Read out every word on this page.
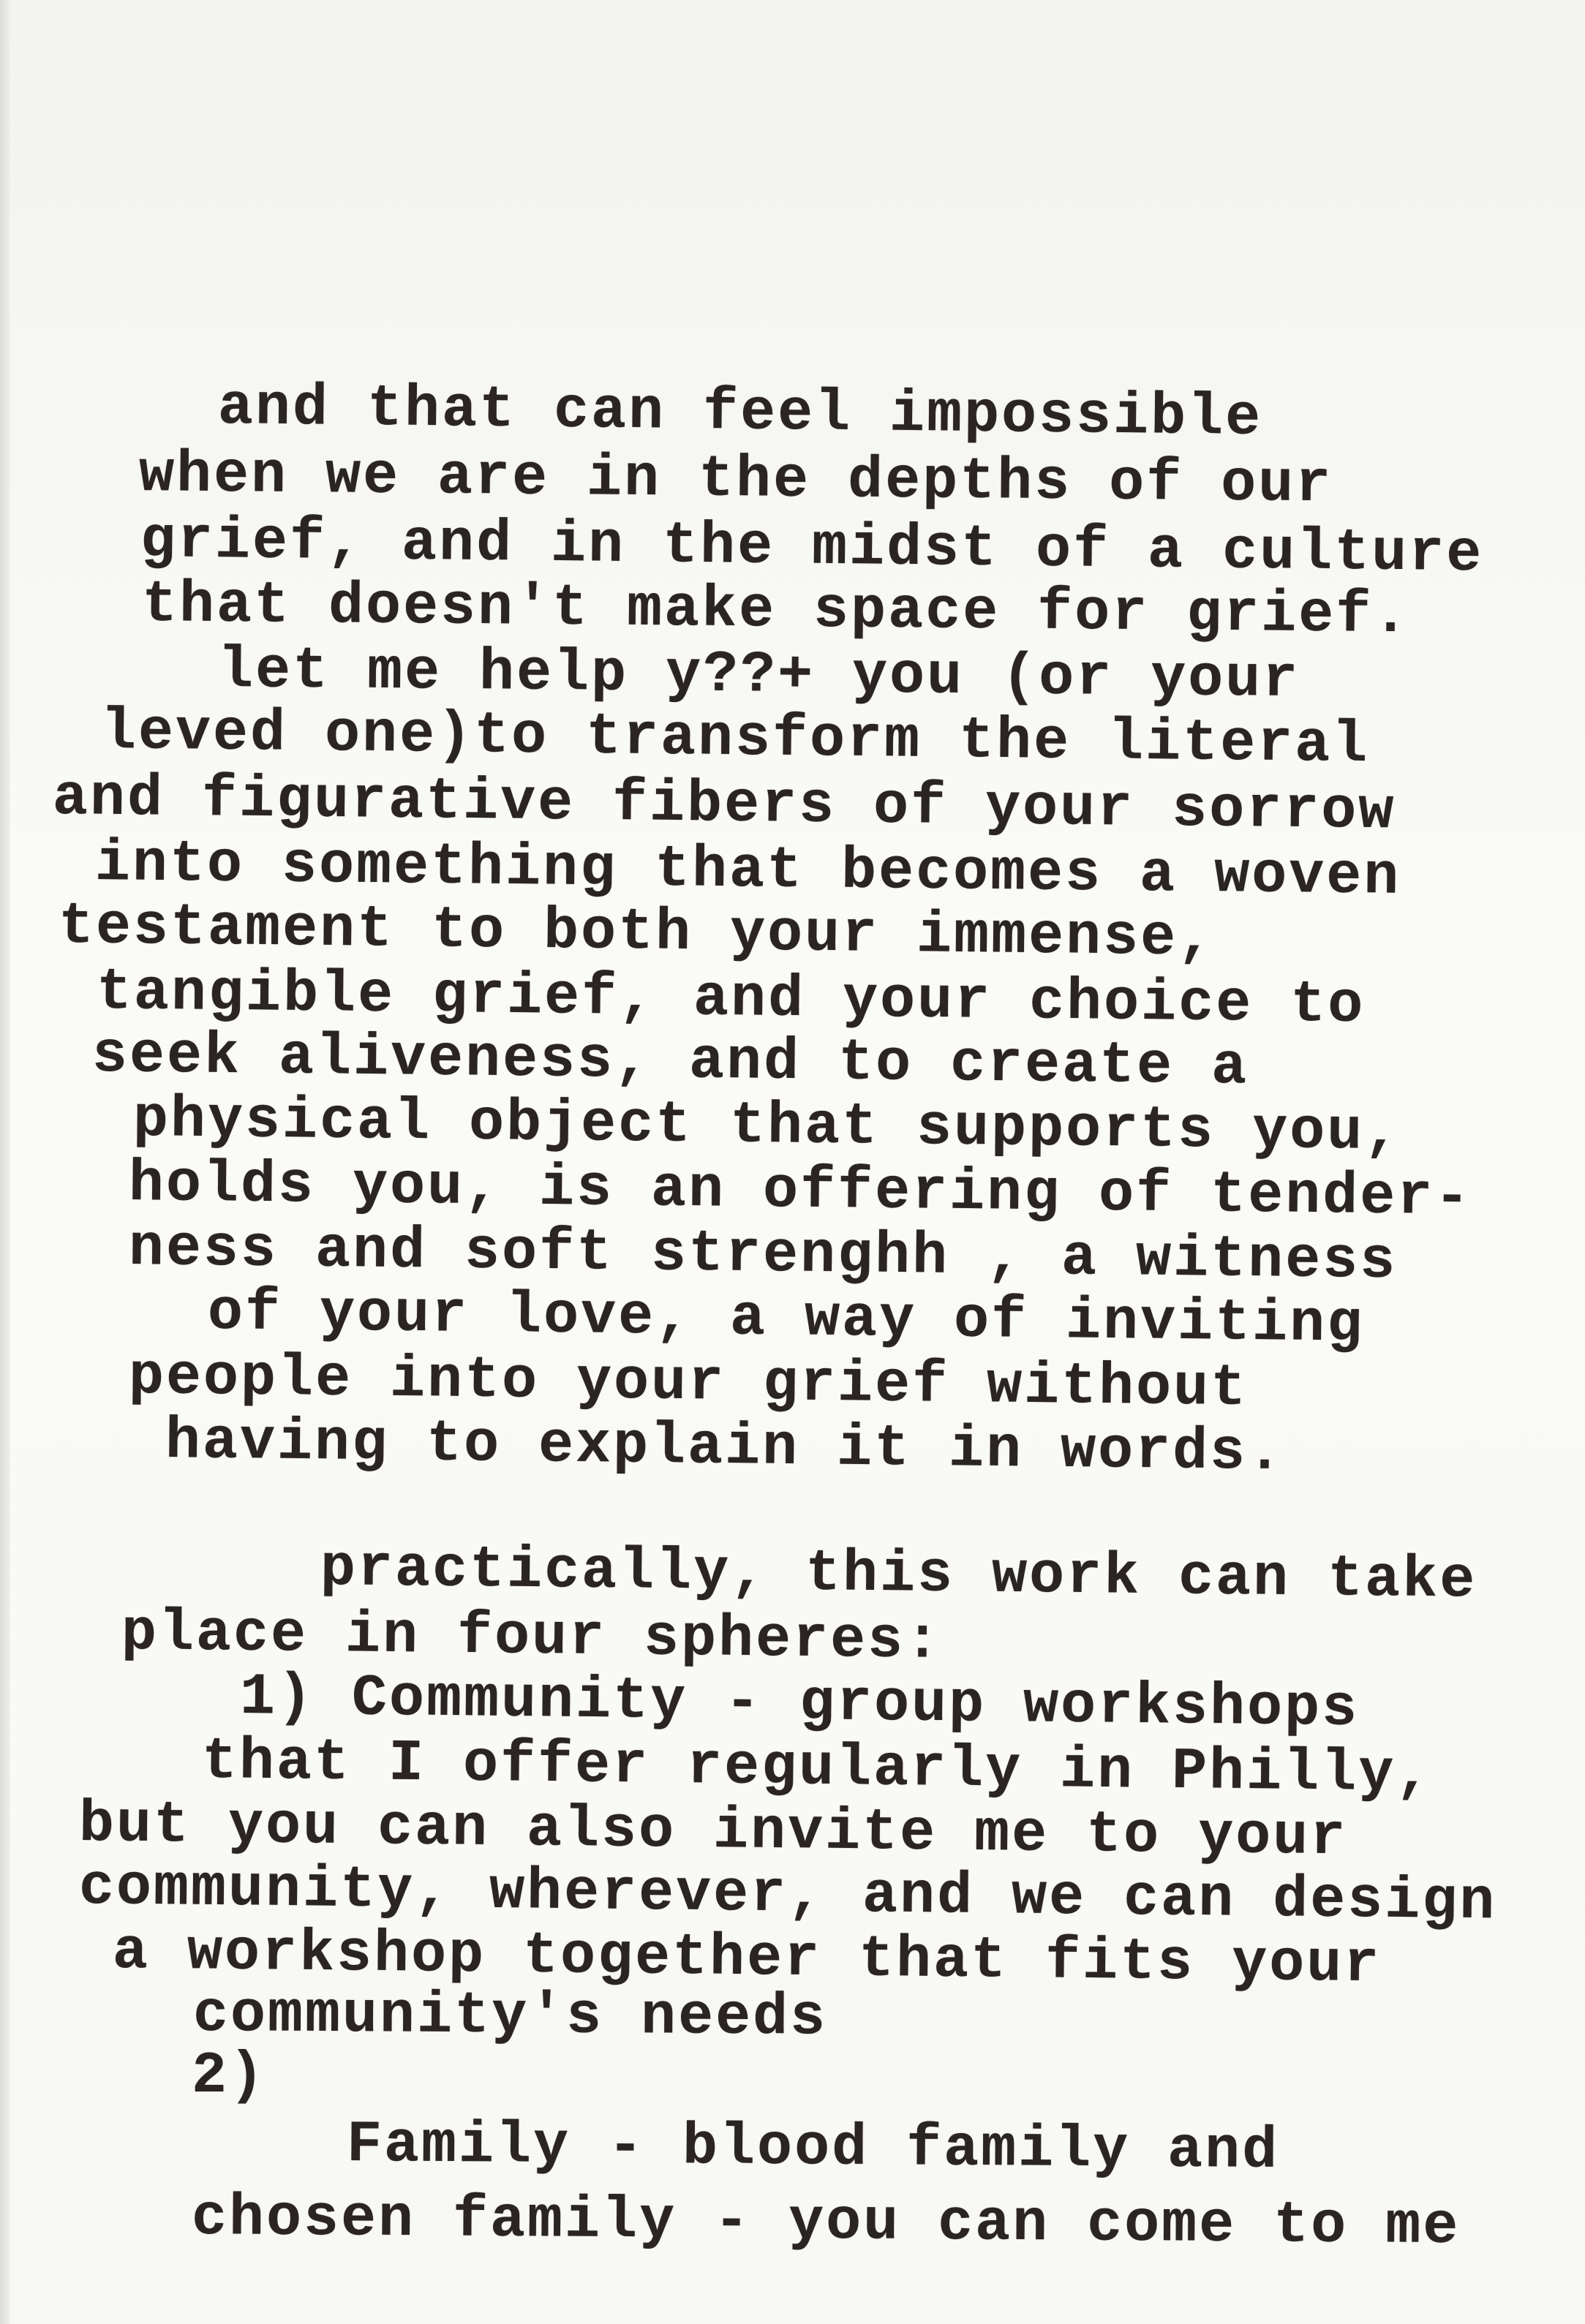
and that can feel impossible
when we are in the depths of our
grief, and in the midst of a culture
that doesn't make space for grief.
let me help y??+ you (or your
leved one)to transform the literal
and figurative fibers of your sorrow
into something that becomes a woven
testament to both your immense,
tangible grief, and your choice to
seek aliveness, and to create a
physical object that supports you,
holds you, is an offering of tender-
ness and soft strenghh , a witness
of your love, a way of inviting
people into your grief without
having to explain it in words.
practically, this work can take
place in four spheres:
1) Community - group workshops
that I offer regularly in Philly,
but you can also invite me to your
community, wherever, and we can design
a workshop together that fits your
community's needs
2)
Family - blood family and
chosen family - you can come to me
